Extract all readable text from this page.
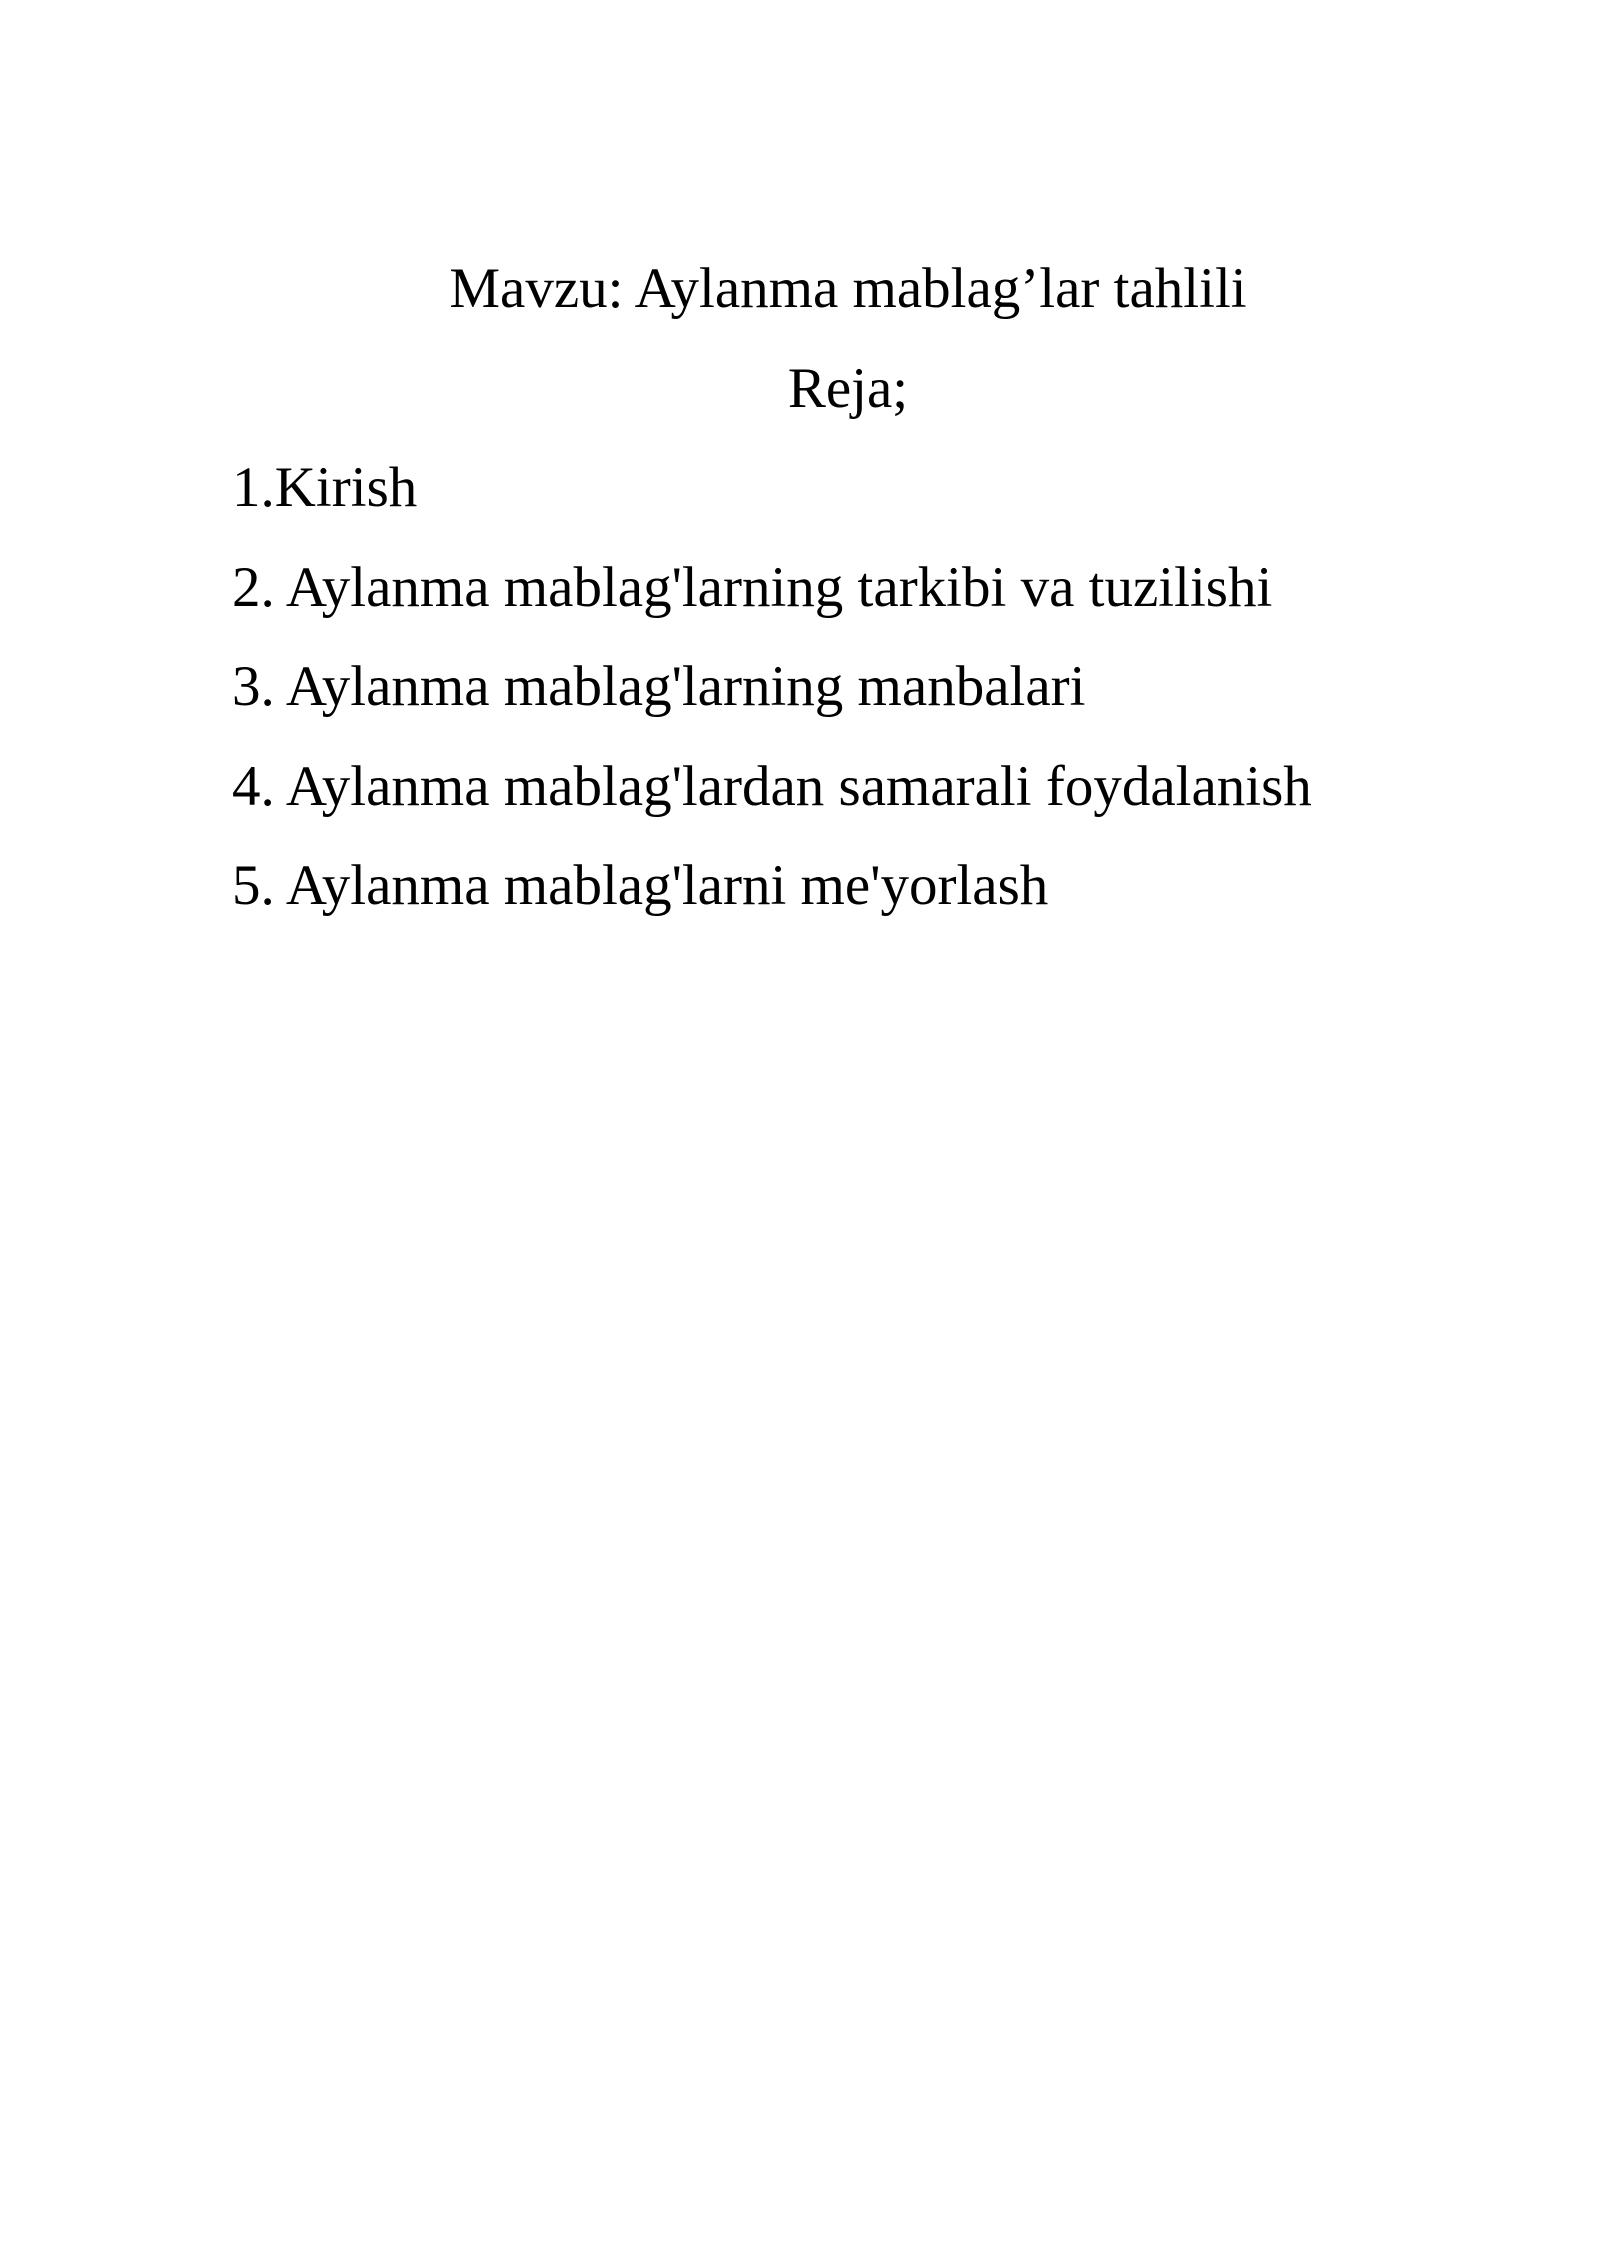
Mavzu: Aylanma mablag’lar tahlili

Reja;

1.Kirish
2. Aylanma mablag'larning tarkibi va tuzilishi
3. Aylanma mablag'larning manbalari
4. Aylanma mablag'lardan samarali foydalanish
5. Aylanma mablag'larni me'yorlash
